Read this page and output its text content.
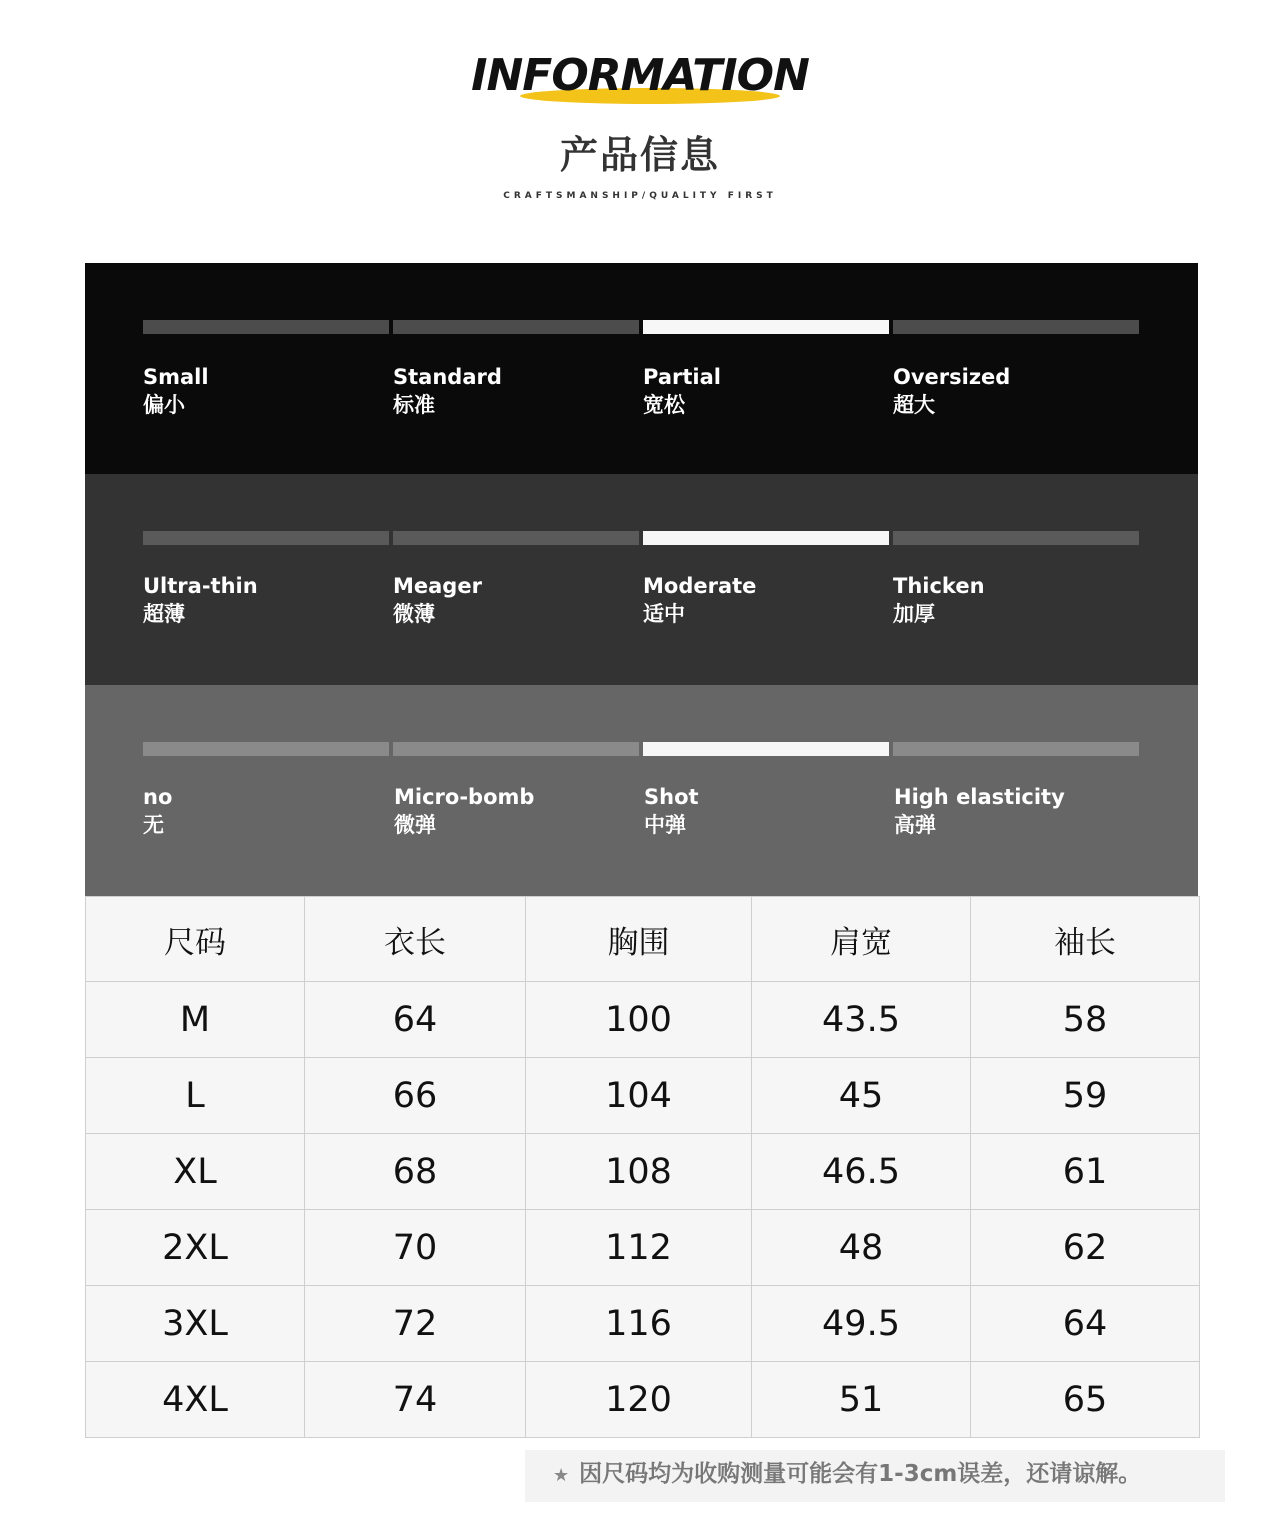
INFORMATION
产品信息
CRAFTSMANSHIP/QUALITY FIRST
Small
偏小
Standard
标准
Partial
宽松
Oversized
超大
Ultra-thin
超薄
Meager
微薄
Moderate
适中
Thicken
加厚
no
无
Micro-bomb
微弹
Shot
中弹
High elasticity
高弹
尺码	衣长	胸围	肩宽	袖长
M	64	100	43.5	58
L	66	104	45	59
XL	68	108	46.5	61
2XL	70	112	48	62
3XL	72	116	49.5	64
4XL	74	120	51	65
★ 因尺码均为收购测量可能会有1-3cm误差，还请谅解。
